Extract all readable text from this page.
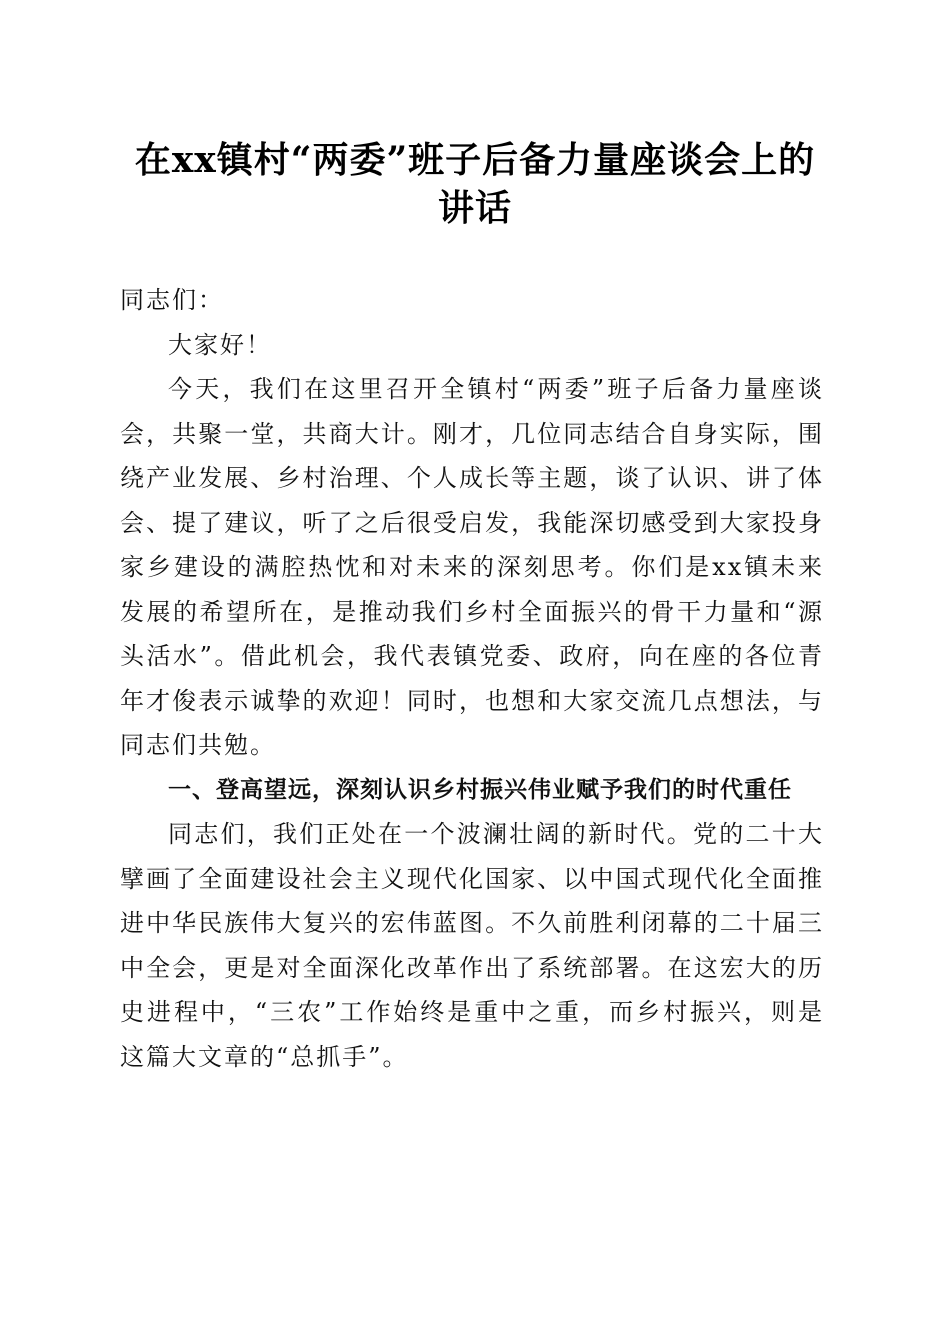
在xx镇村“两委”班子后备力量座谈会上的
讲话

同志们：

大家好！

今天，我们在这里召开全镇村“两委”班子后备力量座谈会，共聚一堂，共商大计。刚才，几位同志结合自身实际，围绕产业发展、乡村治理、个人成长等主题，谈了认识、讲了体会、提了建议，听了之后很受启发，我能深切感受到大家投身家乡建设的满腔热忱和对未来的深刻思考。你们是xx镇未来发展的希望所在，是推动我们乡村全面振兴的骨干力量和“源头活水”。借此机会，我代表镇党委、政府，向在座的各位青年才俊表示诚挚的欢迎！同时，也想和大家交流几点想法，与同志们共勉。

一、登高望远，深刻认识乡村振兴伟业赋予我们的时代重任

同志们，我们正处在一个波澜壮阔的新时代。党的二十大擘画了全面建设社会主义现代化国家、以中国式现代化全面推进中华民族伟大复兴的宏伟蓝图。不久前胜利闭幕的二十届三中全会，更是对全面深化改革作出了系统部署。在这宏大的历史进程中，“三农”工作始终是重中之重，而乡村振兴，则是这篇大文章的“总抓手”。
